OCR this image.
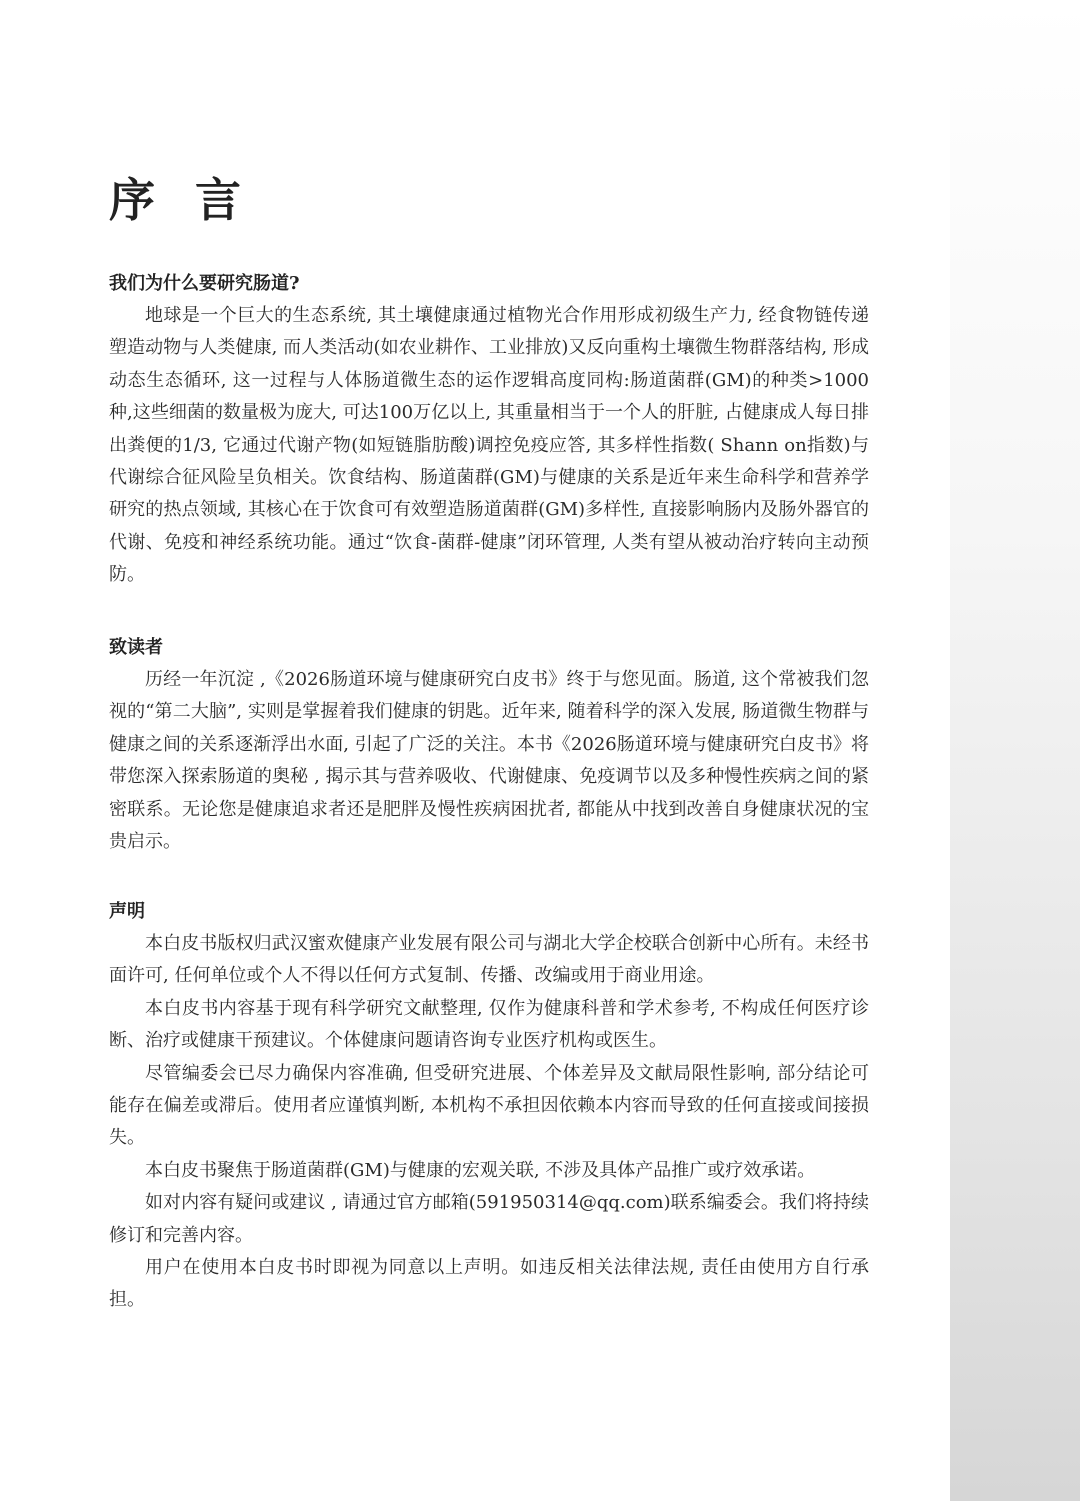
序 言
我们为什么要研究肠道?

地球是一个巨大的生态系统, 其土壤健康通过植物光合作用形成初级生产力, 经食物链传递塑造动物与人类健康, 而人类活动(如农业耕作、工业排放)又反向重构土壤微生物群落结构, 形成动态生态循环, 这一过程与人体肠道微生态的运作逻辑高度同构:肠道菌群(GM)的种类>1000种,这些细菌的数量极为庞大, 可达100万亿以上, 其重量相当于一个人的肝脏, 占健康成人每日排出粪便的1/3, 它通过代谢产物(如短链脂肪酸)调控免疫应答, 其多样性指数( Shann on指数)与代谢综合征风险呈负相关。饮食结构、肠道菌群(GM)与健康的关系是近年来生命科学和营养学研究的热点领域, 其核心在于饮食可有效塑造肠道菌群(GM)多样性, 直接影响肠内及肠外器官的代谢、免疫和神经系统功能。通过“饮食-菌群-健康”闭环管理, 人类有望从被动治疗转向主动预防。

致读者

历经一年沉淀 ,《2026肠道环境与健康研究白皮书》终于与您见面。肠道, 这个常被我们忽视的“第二大脑”, 实则是掌握着我们健康的钥匙。近年来, 随着科学的深入发展, 肠道微生物群与健康之间的关系逐渐浮出水面, 引起了广泛的关注。本书《2026肠道环境与健康研究白皮书》将带您深入探索肠道的奥秘 , 揭示其与营养吸收、代谢健康、免疫调节以及多种慢性疾病之间的紧密联系。无论您是健康追求者还是肥胖及慢性疾病困扰者, 都能从中找到改善自身健康状况的宝贵启示。

声明

本白皮书版权归武汉蜜欢健康产业发展有限公司与湖北大学企校联合创新中心所有。未经书面许可, 任何单位或个人不得以任何方式复制、传播、改编或用于商业用途。

本白皮书内容基于现有科学研究文献整理, 仅作为健康科普和学术参考, 不构成任何医疗诊断、治疗或健康干预建议。个体健康问题请咨询专业医疗机构或医生。

尽管编委会已尽力确保内容准确, 但受研究进展、个体差异及文献局限性影响, 部分结论可能存在偏差或滞后。使用者应谨慎判断, 本机构不承担因依赖本内容而导致的任何直接或间接损失。

本白皮书聚焦于肠道菌群(GM)与健康的宏观关联, 不涉及具体产品推广或疗效承诺。

如对内容有疑问或建议 , 请通过官方邮箱(591950314@qq.com)联系编委会。我们将持续修订和完善内容。

用户在使用本白皮书时即视为同意以上声明。如违反相关法律法规, 责任由使用方自行承担。
